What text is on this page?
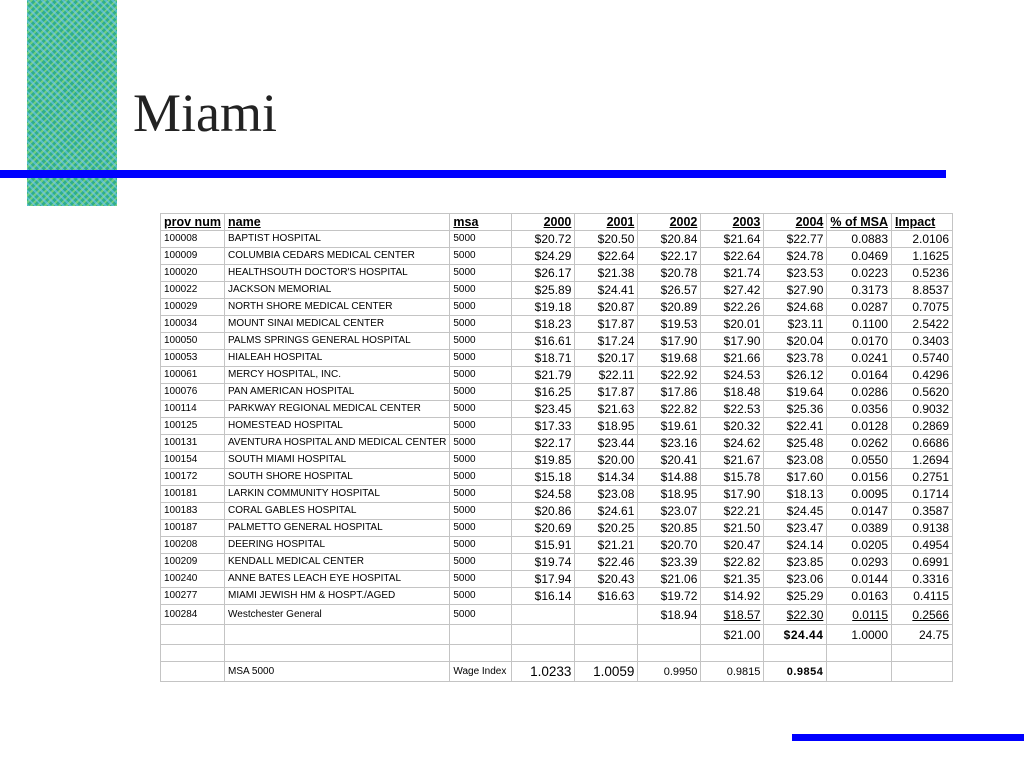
Miami
prov num	name	msa	2000	2001	2002	2003	2004	% of MSA	Impact
100008	BAPTIST HOSPITAL	5000	$20.72	$20.50	$20.84	$21.64	$22.77	0.0883	2.0106
100009	COLUMBIA CEDARS MEDICAL CENTER	5000	$24.29	$22.64	$22.17	$22.64	$24.78	0.0469	1.1625
100020	HEALTHSOUTH DOCTOR'S HOSPITAL	5000	$26.17	$21.38	$20.78	$21.74	$23.53	0.0223	0.5236
100022	JACKSON MEMORIAL	5000	$25.89	$24.41	$26.57	$27.42	$27.90	0.3173	8.8537
100029	NORTH SHORE MEDICAL CENTER	5000	$19.18	$20.87	$20.89	$22.26	$24.68	0.0287	0.7075
100034	MOUNT SINAI MEDICAL CENTER	5000	$18.23	$17.87	$19.53	$20.01	$23.11	0.1100	2.5422
100050	PALMS SPRINGS GENERAL HOSPITAL	5000	$16.61	$17.24	$17.90	$17.90	$20.04	0.0170	0.3403
100053	HIALEAH HOSPITAL	5000	$18.71	$20.17	$19.68	$21.66	$23.78	0.0241	0.5740
100061	MERCY HOSPITAL, INC.	5000	$21.79	$22.11	$22.92	$24.53	$26.12	0.0164	0.4296
100076	PAN AMERICAN HOSPITAL	5000	$16.25	$17.87	$17.86	$18.48	$19.64	0.0286	0.5620
100114	PARKWAY REGIONAL MEDICAL CENTER	5000	$23.45	$21.63	$22.82	$22.53	$25.36	0.0356	0.9032
100125	HOMESTEAD HOSPITAL	5000	$17.33	$18.95	$19.61	$20.32	$22.41	0.0128	0.2869
100131	AVENTURA HOSPITAL AND MEDICAL CENTER	5000	$22.17	$23.44	$23.16	$24.62	$25.48	0.0262	0.6686
100154	SOUTH MIAMI HOSPITAL	5000	$19.85	$20.00	$20.41	$21.67	$23.08	0.0550	1.2694
100172	SOUTH SHORE HOSPITAL	5000	$15.18	$14.34	$14.88	$15.78	$17.60	0.0156	0.2751
100181	LARKIN COMMUNITY HOSPITAL	5000	$24.58	$23.08	$18.95	$17.90	$18.13	0.0095	0.1714
100183	CORAL GABLES HOSPITAL	5000	$20.86	$24.61	$23.07	$22.21	$24.45	0.0147	0.3587
100187	PALMETTO GENERAL HOSPITAL	5000	$20.69	$20.25	$20.85	$21.50	$23.47	0.0389	0.9138
100208	DEERING HOSPITAL	5000	$15.91	$21.21	$20.70	$20.47	$24.14	0.0205	0.4954
100209	KENDALL MEDICAL CENTER	5000	$19.74	$22.46	$23.39	$22.82	$23.85	0.0293	0.6991
100240	ANNE BATES LEACH EYE HOSPITAL	5000	$17.94	$20.43	$21.06	$21.35	$23.06	0.0144	0.3316
100277	MIAMI JEWISH HM & HOSPT./AGED	5000	$16.14	$16.63	$19.72	$14.92	$25.29	0.0163	0.4115
100284	Westchester General	5000			$18.94	$18.57	$22.30	0.0115	0.2566
						$21.00	$24.44	1.0000	24.75

	MSA 5000	Wage Index	1.0233	1.0059	0.9950	0.9815	0.9854		
